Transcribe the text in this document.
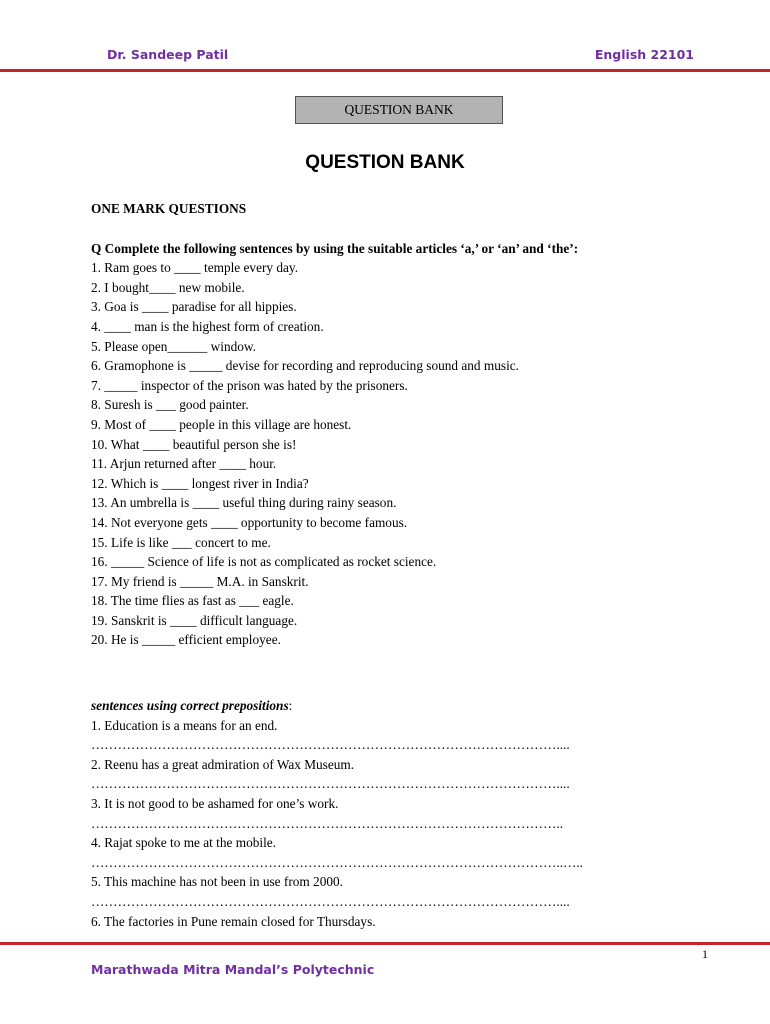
Dr. Sandeep Patil	English 22101
QUESTION BANK
QUESTION BANK
ONE MARK QUESTIONS
Q Complete the following sentences by using the suitable articles ‘a,’ or ‘an’ and ‘the’:
1. Ram goes to ____ temple every day.
2. I bought____ new mobile.
3. Goa is ____ paradise for all hippies.
4. ____ man is the highest form of creation.
5. Please open______ window.
6. Gramophone is _____ devise for recording and reproducing sound and music.
7. _____ inspector of the prison was hated by the prisoners.
8. Suresh is ___ good painter.
9. Most of ____ people in this village are honest.
10. What ____ beautiful person she is!
11. Arjun returned after ____ hour.
12. Which is ____ longest river in India?
13. An umbrella is ____ useful thing during rainy season.
14. Not everyone gets ____ opportunity to become famous.
15. Life is like ___ concert to me.
16. _____ Science of life is not as complicated as rocket science.
17. My friend is _____ M.A. in Sanskrit.
18. The time flies as fast as ___ eagle.
19. Sanskrit is ____ difficult language.
20. He is _____ efficient employee.
sentences using correct prepositions:
1. Education is a means for an end.
……………………………………………………………………………………………....
2. Reenu has a great admiration of Wax Museum.
……………………………………………………………………………………………....
3. It is not good to be ashamed for one’s work.
……………………………………………………………………………………………..
4. Rajat spoke to me at the mobile.
……………………………………………………………………………………………..…..
5. This machine has not been in use from 2000.
……………………………………………………………………………………………....
6. The factories in Pune remain closed for Thursdays.
1
Marathwada Mitra Mandal’s Polytechnic
